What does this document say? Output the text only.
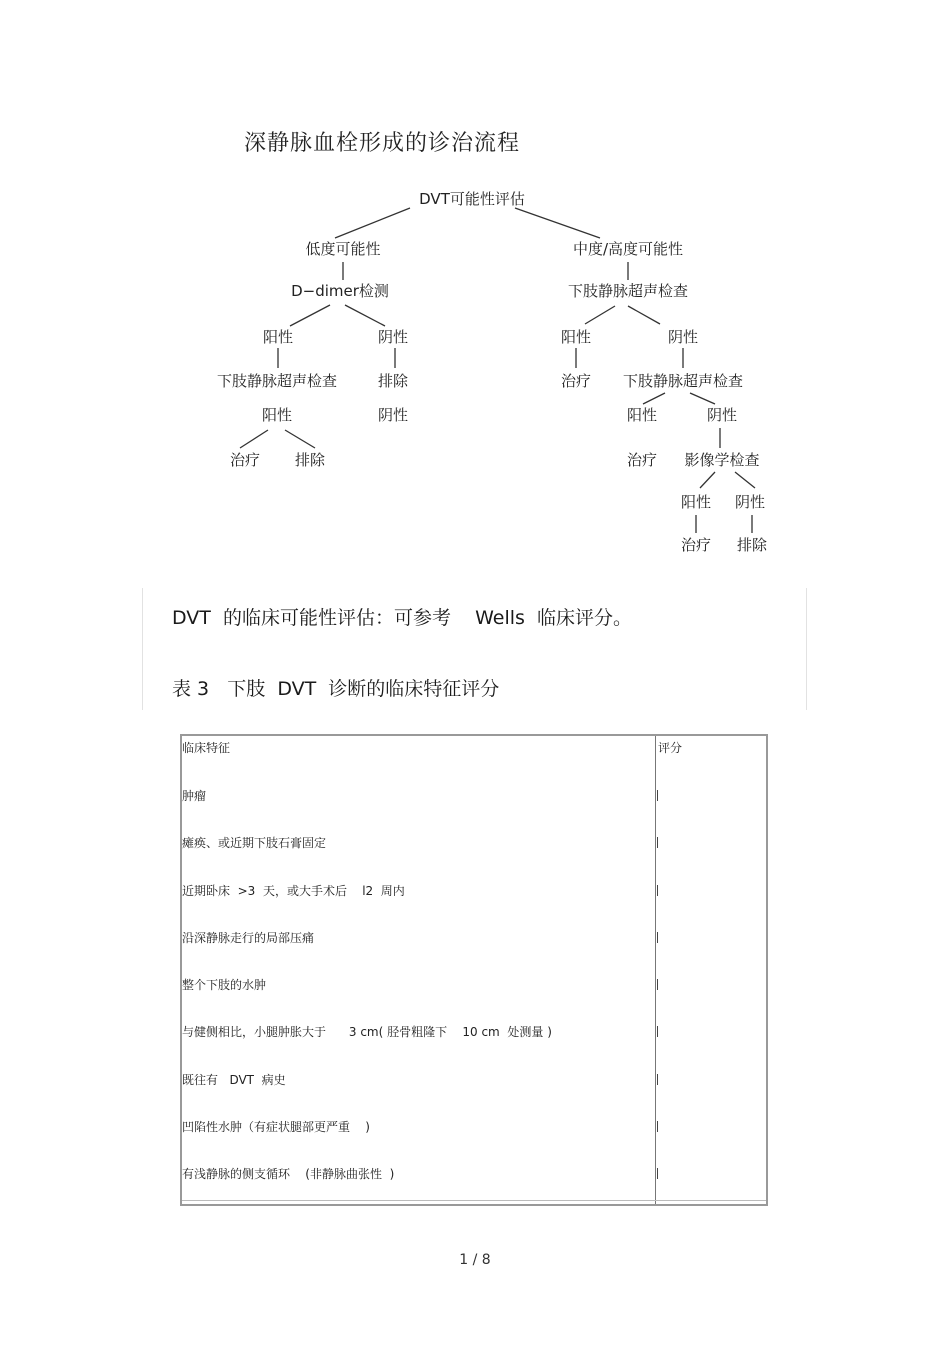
深静脉血栓形成的诊治流程
DVT可能性评估
低度可能性	中度/高度可能性
D−dimer检测	下肢静脉超声检查
阳性	阴性
下肢静脉超声检查	排除
阳性	阴性
治疗 排除
阳性	阴性
治疗 下肢静脉超声检查
阳性	阴性
治疗 影像学检查
阳性 阴性
治疗 排除
DVT  的临床可能性评估：可参考    Wells  临床评分。
表 3   下肢  DVT  诊断的临床特征评分
临床特征	评分
肿瘤
瘫痪、或近期下肢石膏固定
近期卧床  >3  天，或大手术后    l2  周内
沿深静脉走行的局部压痛
整个下肢的水肿
与健侧相比，小腿肿胀大于      3 cm( 胫骨粗隆下    10 cm  处测量 )
既往有   DVT  病史
凹陷性水肿（有症状腿部更严重    )
有浅静脉的侧支循环    (非静脉曲张性  )
1 / 8
